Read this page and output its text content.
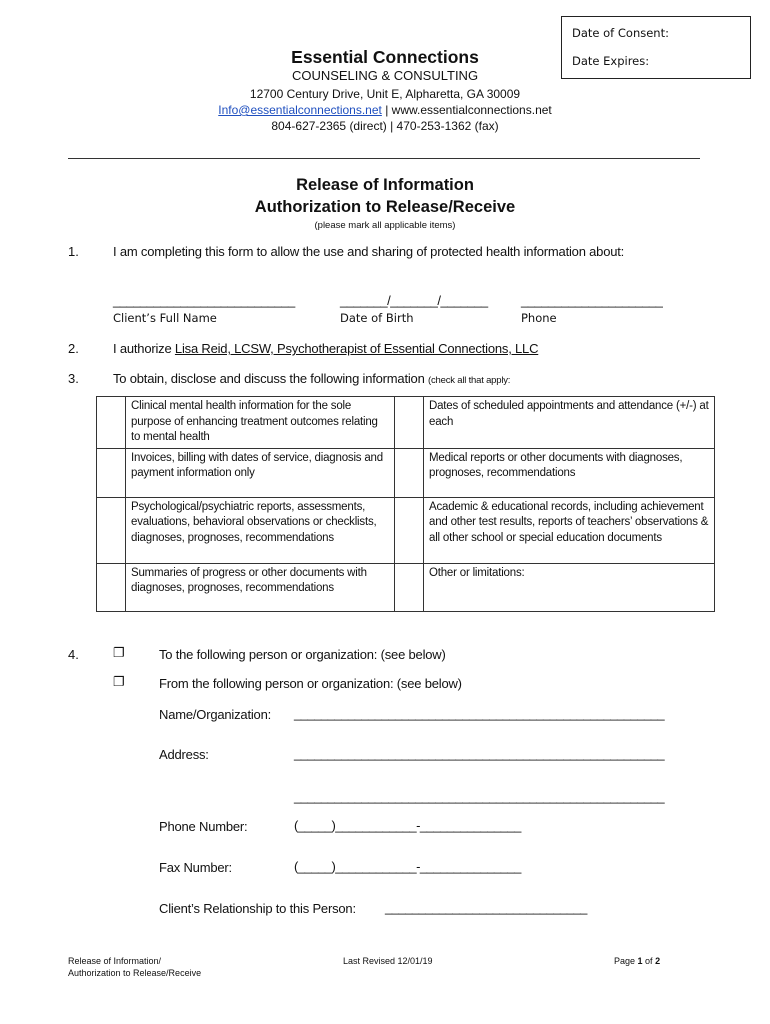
Date of Consent:
Date Expires:
Essential Connections
COUNSELING & CONSULTING
12700 Century Drive, Unit E, Alpharetta, GA 30009
Info@essentialconnections.net | www.essentialconnections.net
804-627-2365 (direct) | 470-253-1362 (fax)
Release of Information
Authorization to Release/Receive
(please mark all applicable items)
1.	I am completing this form to allow the use and sharing of protected health information about:
___________________________	_______/_______/_______	_____________________
Client’s Full Name	Date of Birth	Phone
2.	I authorize Lisa Reid, LCSW, Psychotherapist of Essential Connections, LLC
3.	To obtain, disclose and discuss the following information (check all that apply:
	Clinical mental health information for the sole purpose of enhancing treatment outcomes relating to mental health		Dates of scheduled appointments and attendance (+/-) at each
	Invoices, billing with dates of service, diagnosis and payment information only		Medical reports or other documents with diagnoses, prognoses, recommendations
	Psychological/psychiatric reports, assessments, evaluations, behavioral observations or checklists, diagnoses, prognoses, recommendations		Academic & educational records, including achievement and other test results, reports of teachers’ observations & all other school or special education documents
	Summaries of progress or other documents with diagnoses, prognoses, recommendations		Other or limitations:
4.	❐	To the following person or organization: (see below)
❐	From the following person or organization: (see below)
Name/Organization: _______________________________________________________
Address:	_______________________________________________________
_______________________________________________________
Phone Number:	(_____)____________-_______________
Fax Number:	(_____)____________-_______________
Client’s Relationship to this Person: ______________________________
Release of Information/
Authorization to Release/Receive
Last Revised 12/01/19	Page 1 of 2
